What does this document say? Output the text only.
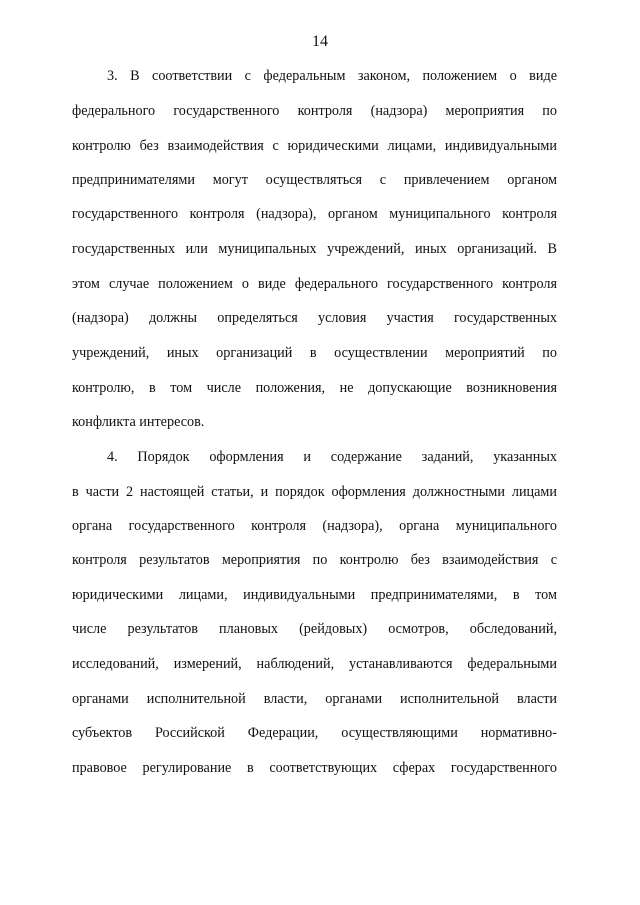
14
3. В соответствии с федеральным законом, положением о виде
федерального государственного контроля (надзора) мероприятия по
контролю без взаимодействия с юридическими лицами, индивидуальными
предпринимателями могут осуществляться с привлечением органом
государственного контроля (надзора), органом муниципального контроля
государственных или муниципальных учреждений, иных организаций. В
этом случае положением о виде федерального государственного контроля
(надзора) должны определяться условия участия государственных
учреждений, иных организаций в осуществлении мероприятий по
контролю, в том числе положения, не допускающие возникновения
конфликта интересов.
4. Порядок оформления и содержание заданий, указанных
в части 2 настоящей статьи, и порядок оформления должностными лицами
органа государственного контроля (надзора), органа муниципального
контроля результатов мероприятия по контролю без взаимодействия с
юридическими лицами, индивидуальными предпринимателями, в том
числе результатов плановых (рейдовых) осмотров, обследований,
исследований, измерений, наблюдений, устанавливаются федеральными
органами исполнительной власти, органами исполнительной власти
субъектов Российской Федерации, осуществляющими нормативно-
правовое регулирование в соответствующих сферах государственного
